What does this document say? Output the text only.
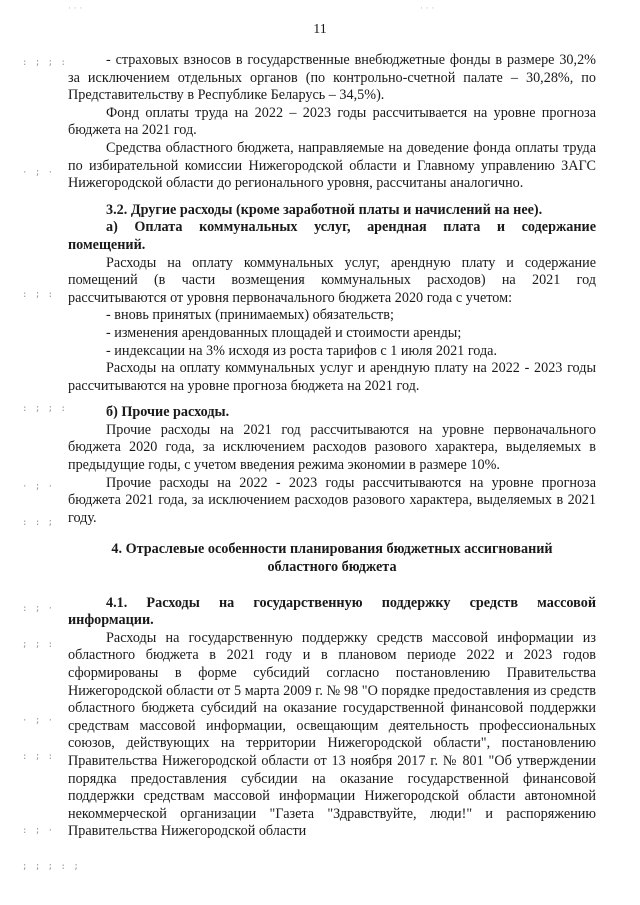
· · ·	· · ·
11
: ; ; :
· ; ·
: ; :
: ; ; :
· ; ·
: : ;
: ; ·
; ; :
· ; ·
: ; :
: ; ·
; ; ; : ;

- страховых взносов в государственные внебюджетные фонды в размере 30,2% за исключением отдельных органов (по контрольно-счетной палате – 30,28%, по Представительству в Республике Беларусь – 34,5%).

Фонд оплаты труда на 2022 – 2023 годы рассчитывается на уровне прогноза бюджета на 2021 год.

Средства областного бюджета, направляемые на доведение фонда оплаты труда по избирательной комиссии Нижегородской области и Главному управлению ЗАГС Нижегородской области до регионального уровня, рассчитаны аналогично.

3.2. Другие расходы (кроме заработной платы и начислений на нее).

а) Оплата коммунальных услуг, арендная плата и содержание помещений.

Расходы на оплату коммунальных услуг, арендную плату и содержание помещений (в части возмещения коммунальных расходов) на 2021 год рассчитываются от уровня первоначального бюджета 2020 года с учетом:

- вновь принятых (принимаемых) обязательств;

- изменения арендованных площадей и стоимости аренды;

- индексации на 3% исходя из роста тарифов с 1 июля 2021 года.

Расходы на оплату коммунальных услуг и арендную плату на 2022 - 2023 годы рассчитываются на уровне прогноза бюджета на 2021 год.

б) Прочие расходы.

Прочие расходы на 2021 год рассчитываются на уровне первоначального бюджета 2020 года, за исключением расходов разового характера, выделяемых в предыдущие годы, с учетом введения режима экономии в размере 10%.

Прочие расходы на 2022 - 2023 годы рассчитываются на уровне прогноза бюджета 2021 года, за исключением расходов разового характера, выделяемых в 2021 году.

4. Отраслевые особенности планирования бюджетных ассигнований областного бюджета

4.1. Расходы на государственную поддержку средств массовой информации.

Расходы на государственную поддержку средств массовой информации из областного бюджета в 2021 году и в плановом периоде 2022 и 2023 годов сформированы в форме субсидий согласно постановлению Правительства Нижегородской области от 5 марта 2009 г. № 98 "О порядке предоставления из средств областного бюджета субсидий на оказание государственной финансовой поддержки средствам массовой информации, освещающим деятельность профессиональных союзов, действующих на территории Нижегородской области", постановлению Правительства Нижегородской области от 13 ноября 2017 г. № 801 "Об утверждении порядка предоставления субсидии на оказание государственной финансовой поддержки средствам массовой информации Нижегородской области автономной некоммерческой организации "Газета "Здравствуйте, люди!" и распоряжению Правительства Нижегородской области
